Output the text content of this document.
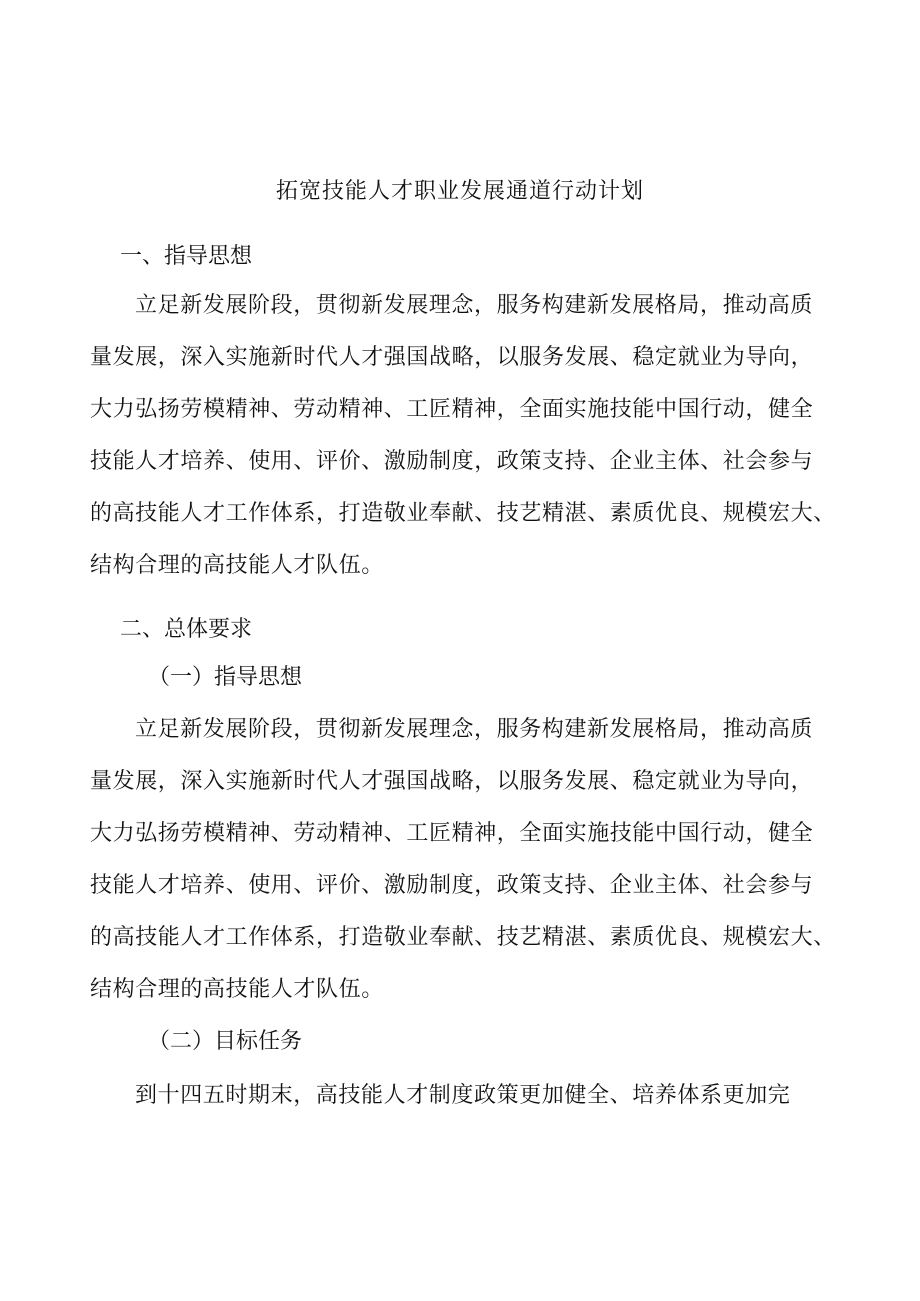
拓宽技能人才职业发展通道行动计划
一、指导思想
立足新发展阶段，贯彻新发展理念，服务构建新发展格局，推动高质
量发展，深入实施新时代人才强国战略，以服务发展、稳定就业为导向，
大力弘扬劳模精神、劳动精神、工匠精神，全面实施技能中国行动，健全
技能人才培养、使用、评价、激励制度，政策支持、企业主体、社会参与
的高技能人才工作体系，打造敬业奉献、技艺精湛、素质优良、规模宏大、
结构合理的高技能人才队伍。
二、总体要求
（一）指导思想
立足新发展阶段，贯彻新发展理念，服务构建新发展格局，推动高质
量发展，深入实施新时代人才强国战略，以服务发展、稳定就业为导向，
大力弘扬劳模精神、劳动精神、工匠精神，全面实施技能中国行动，健全
技能人才培养、使用、评价、激励制度，政策支持、企业主体、社会参与
的高技能人才工作体系，打造敬业奉献、技艺精湛、素质优良、规模宏大、
结构合理的高技能人才队伍。
（二）目标任务
到十四五时期末，高技能人才制度政策更加健全、培养体系更加完
